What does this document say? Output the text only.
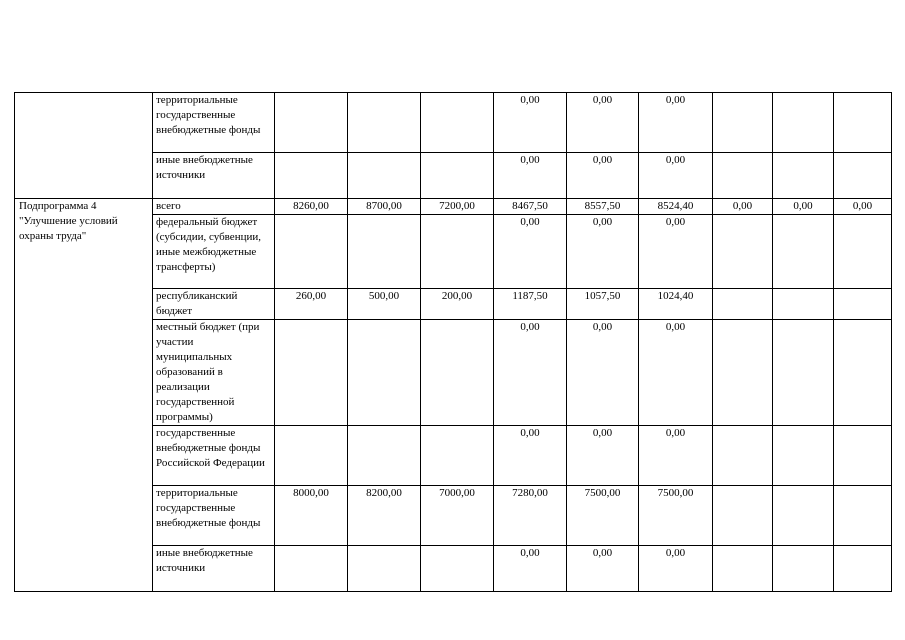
	территориальные государственные внебюджетные фонды				0,00	0,00	0,00			
	иные внебюджетные источники				0,00	0,00	0,00			
Подпрограмма 4 "Улучшение условий охраны труда"	всего	8260,00	8700,00	7200,00	8467,50	8557,50	8524,40	0,00	0,00	0,00
	федеральный бюджет (субсидии, субвенции, иные межбюджетные трансферты)				0,00	0,00	0,00			
	республиканский бюджет	260,00	500,00	200,00	1187,50	1057,50	1024,40			
	местный бюджет (при участии муниципальных образований в реализации государственной программы)				0,00	0,00	0,00			
	государственные внебюджетные фонды Российской Федерации				0,00	0,00	0,00			
	территориальные государственные внебюджетные фонды	8000,00	8200,00	7000,00	7280,00	7500,00	7500,00			
	иные внебюджетные источники				0,00	0,00	0,00			
